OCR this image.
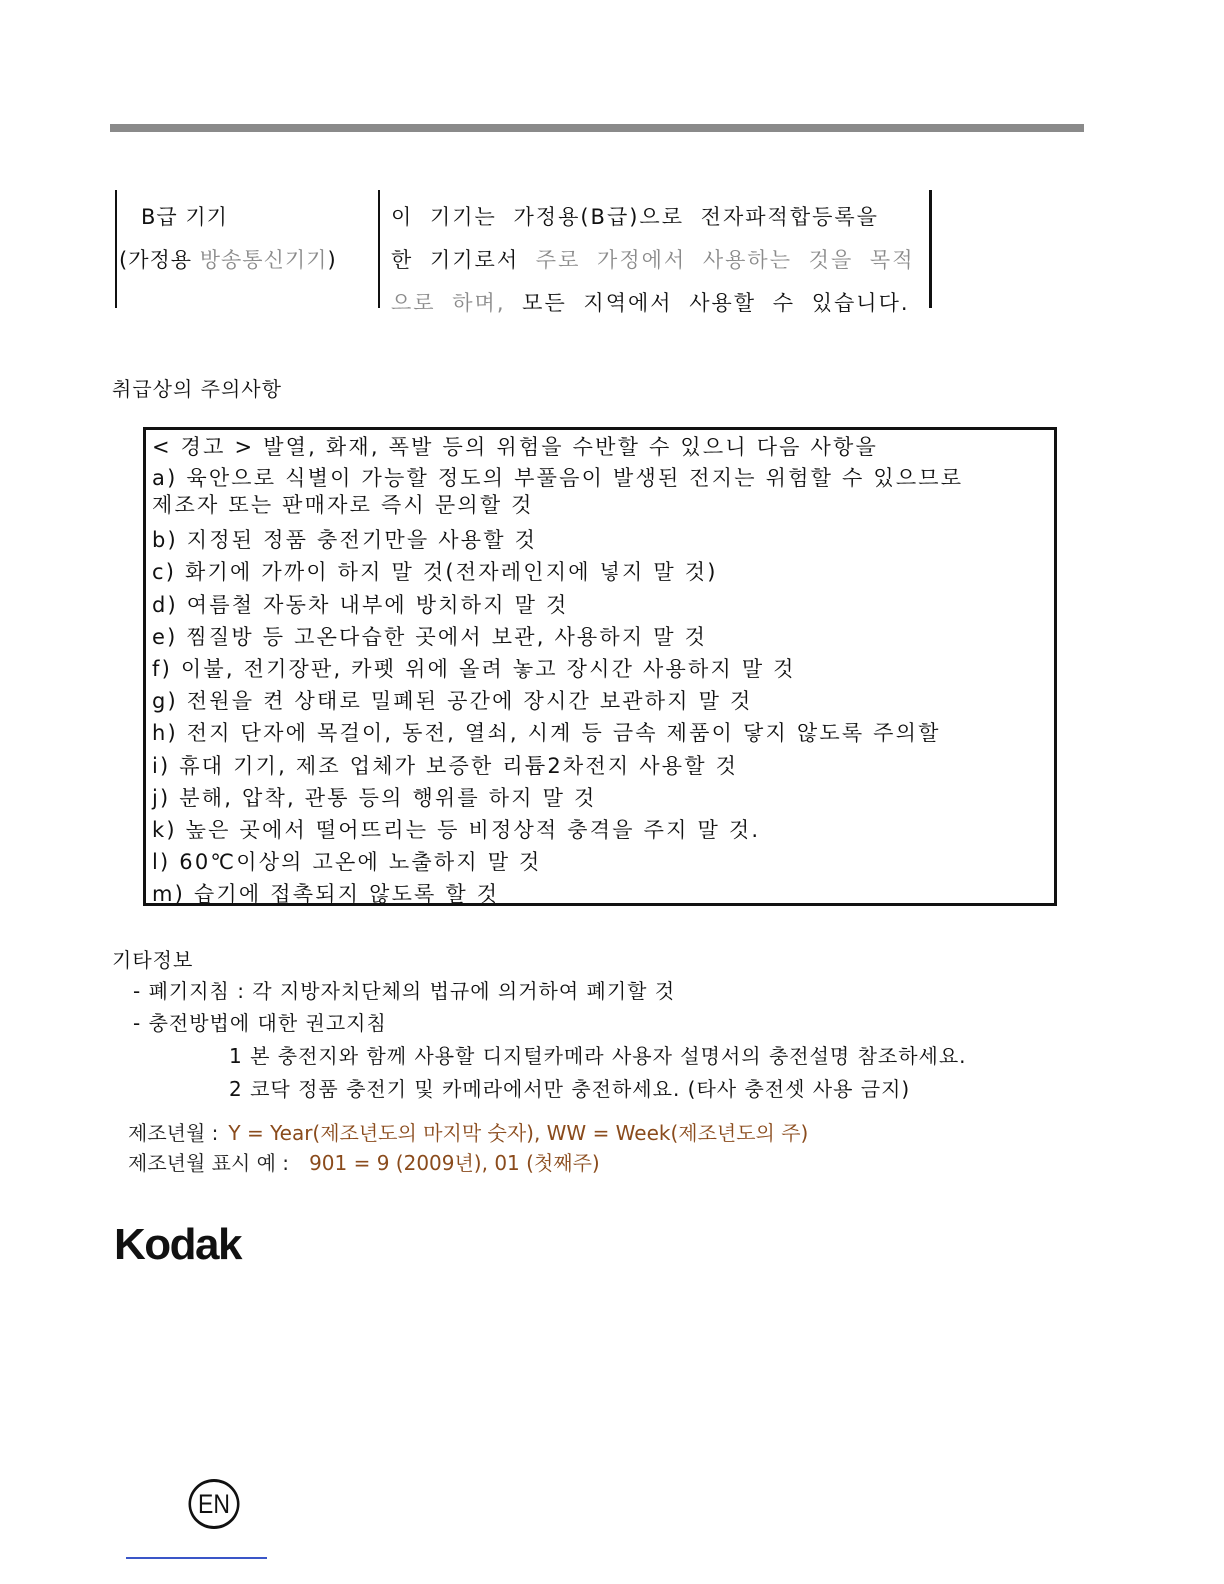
B급 기기
(가정용 방송통신기기)
이 기기는 가정용(B급)으로 전자파적합등록을
한 기기로서 주로 가정에서 사용하는 것을 목적
으로 하며, 모든 지역에서 사용할 수 있습니다.
취급상의 주의사항
< 경고 > 발열, 화재, 폭발 등의 위험을 수반할 수 있으니 다음 사항을
a) 육안으로 식별이 가능할 정도의 부풀음이 발생된 전지는 위험할 수 있으므로
제조자 또는 판매자로 즉시 문의할 것
b) 지정된 정품 충전기만을 사용할 것
c) 화기에 가까이 하지 말 것(전자레인지에 넣지 말 것)
d) 여름철 자동차 내부에 방치하지 말 것
e) 찜질방 등 고온다습한 곳에서 보관, 사용하지 말 것
f) 이불, 전기장판, 카펫 위에 올려 놓고 장시간 사용하지 말 것
g) 전원을 켠 상태로 밀폐된 공간에 장시간 보관하지 말 것
h) 전지 단자에 목걸이, 동전, 열쇠, 시계 등 금속 제품이 닿지 않도록 주의할
i) 휴대 기기, 제조 업체가 보증한 리튬2차전지 사용할 것
j) 분해, 압착, 관통 등의 행위를 하지 말 것
k) 높은 곳에서 떨어뜨리는 등 비정상적 충격을 주지 말 것.
l) 60℃이상의 고온에 노출하지 말 것
m) 습기에 접촉되지 않도록 할 것
기타정보
- 폐기지침 : 각 지방자치단체의 법규에 의거하여 폐기할 것
- 충전방법에 대한 권고지침
1 본 충전지와 함께 사용할 디지털카메라 사용자 설명서의 충전설명 참조하세요.
2 코닥 정품 충전기 및 카메라에서만 충전하세요. (타사 충전셋 사용 금지)
제조년월 : Y = Year(제조년도의 마지막 숫자), WW = Week(제조년도의 주)
제조년월 표시 예 : 901 = 9 (2009년), 01 (첫째주)
Kodak
EN
